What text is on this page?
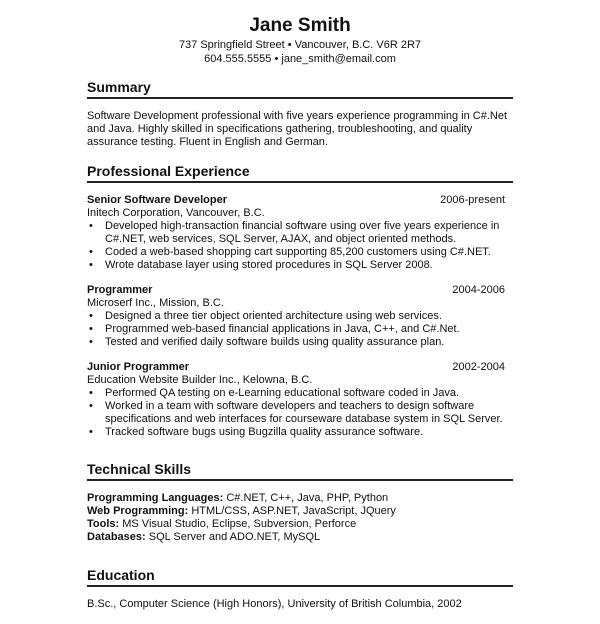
Jane Smith
737 Springfield Street • Vancouver, B.C. V6R 2R7
604.555.5555 • jane_smith@email.com
Summary
Software Development professional with five years experience programming in C#.Net and Java. Highly skilled in specifications gathering, troubleshooting, and quality assurance testing. Fluent in English and German.
Professional Experience
Senior Software Developer	2006-present
Initech Corporation, Vancouver, B.C.
• Developed high-transaction financial software using over five years experience in C#.NET, web services, SQL Server, AJAX, and object oriented methods.
• Coded a web-based shopping cart supporting 85,200 customers using C#.NET.
• Wrote database layer using stored procedures in SQL Server 2008.
Programmer	2004-2006
Microserf Inc., Mission, B.C.
• Designed a three tier object oriented architecture using web services.
• Programmed web-based financial applications in Java, C++, and C#.Net.
• Tested and verified daily software builds using quality assurance plan.
Junior Programmer	2002-2004
Education Website Builder Inc., Kelowna, B.C.
• Performed QA testing on e-Learning educational software coded in Java.
• Worked in a team with software developers and teachers to design software specifications and web interfaces for courseware database system in SQL Server.
• Tracked software bugs using Bugzilla quality assurance software.
Technical Skills
Programming Languages: C#.NET, C++, Java, PHP, Python
Web Programming: HTML/CSS, ASP.NET, JavaScript, JQuery
Tools: MS Visual Studio, Eclipse, Subversion, Perforce
Databases: SQL Server and ADO.NET, MySQL
Education
B.Sc., Computer Science (High Honors), University of British Columbia, 2002
